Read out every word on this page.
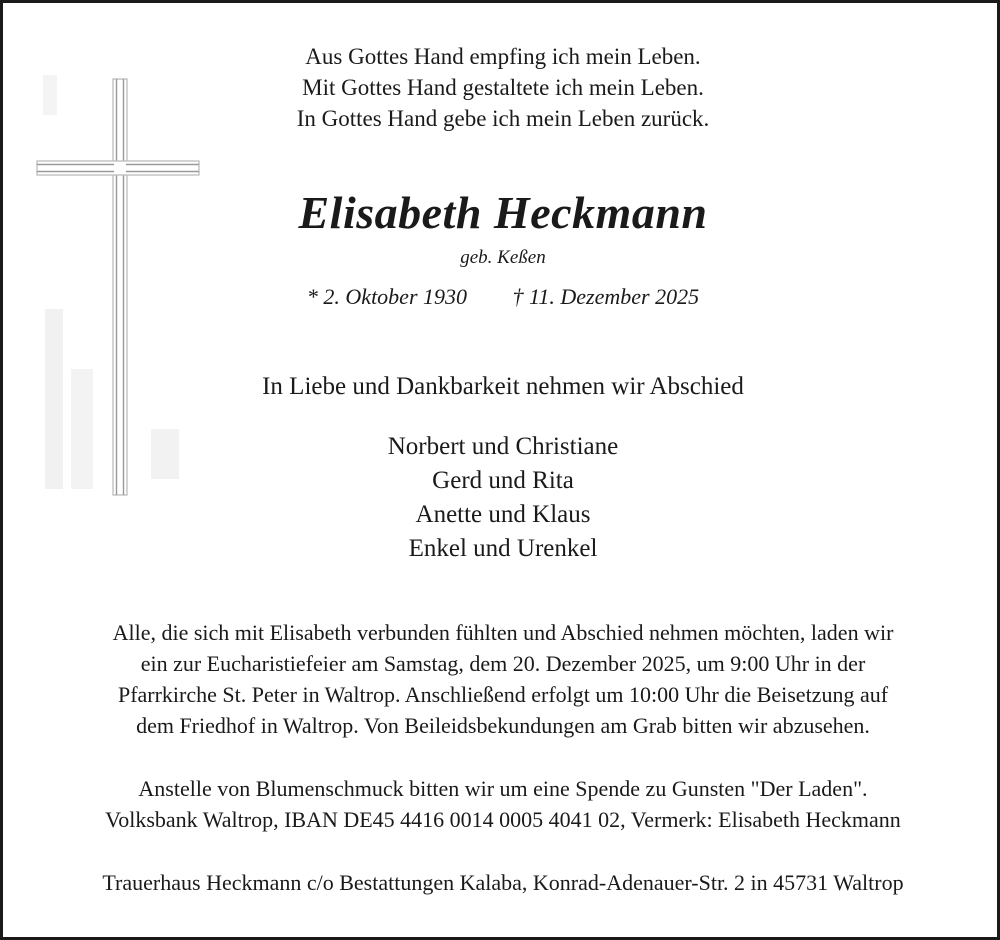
Aus Gottes Hand empfing ich mein Leben.
Mit Gottes Hand gestaltete ich mein Leben.
In Gottes Hand gebe ich mein Leben zurück.
Elisabeth Heckmann
geb. Keßen
* 2. Oktober 1930 † 11. Dezember 2025
In Liebe und Dankbarkeit nehmen wir Abschied
Norbert und Christiane
Gerd und Rita
Anette und Klaus
Enkel und Urenkel
Alle, die sich mit Elisabeth verbunden fühlten und Abschied nehmen möchten, laden wir
ein zur Eucharistiefeier am Samstag, dem 20. Dezember 2025, um 9:00 Uhr in der
Pfarrkirche St. Peter in Waltrop. Anschließend erfolgt um 10:00 Uhr die Beisetzung auf
dem Friedhof in Waltrop. Von Beileidsbekundungen am Grab bitten wir abzusehen.
Anstelle von Blumenschmuck bitten wir um eine Spende zu Gunsten "Der Laden".
Volksbank Waltrop, IBAN DE45 4416 0014 0005 4041 02, Vermerk: Elisabeth Heckmann
Trauerhaus Heckmann c/o Bestattungen Kalaba, Konrad-Adenauer-Str. 2 in 45731 Waltrop
